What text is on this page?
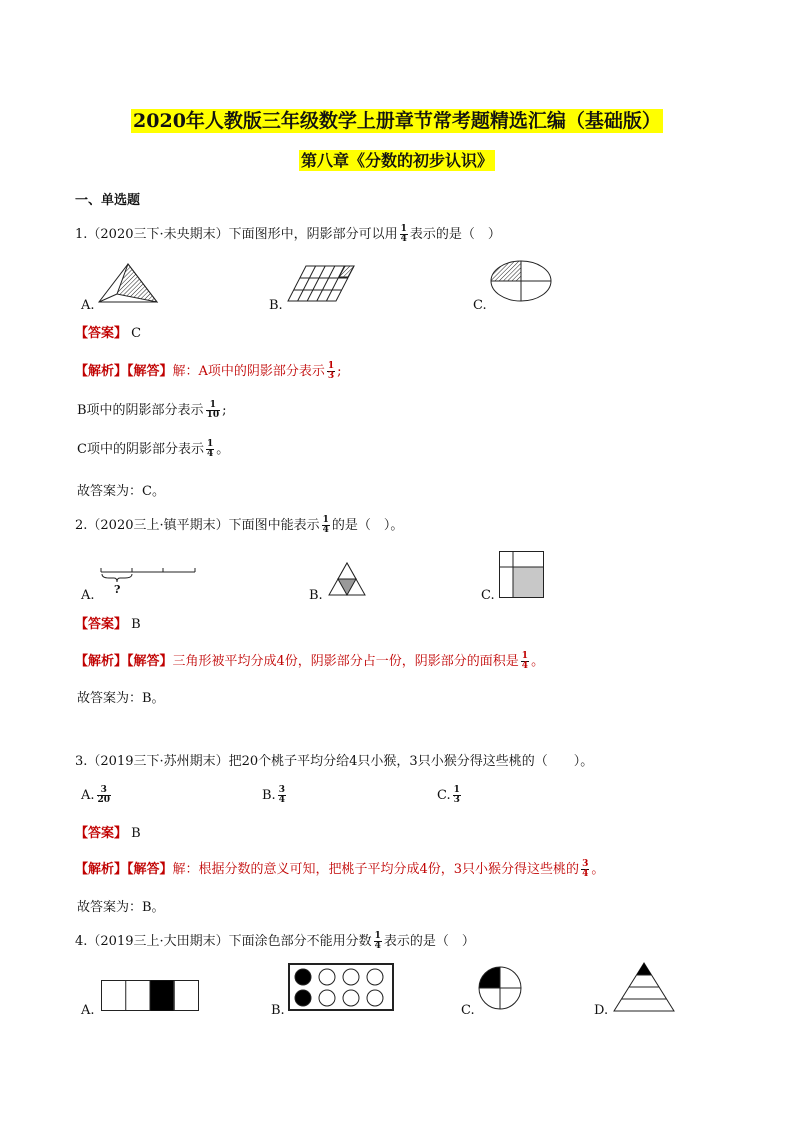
2020年人教版三年级数学上册章节常考题精选汇编（基础版）
第八章《分数的初步认识》
一、单选题
1.（2020三下·未央期末）下面图形中，阴影部分可以用 $\frac{1}{4}$ 表示的是（　）
A.	B.	C.
【答案】 C
【解析】【解答】解：A项中的阴影部分表示 $\frac{1}{3}$ ;
B项中的阴影部分表示 $\frac{1}{10}$ ;
C项中的阴影部分表示 $\frac{1}{4}$ 。
故答案为：C。
2.（2020三上·镇平期末）下面图中能表示 $\frac{1}{4}$ 的是（　）。
A.	B.	C.
?
【答案】 B
【解析】【解答】三角形被平均分成4份，阴影部分占一份，阴影部分的面积是 $\frac{1}{4}$ 。
故答案为：B。
3.（2019三下·苏州期末）把20个桃子平均分给4只小猴，3只小猴分得这些桃的（　　）。
A. $\frac{3}{20}$	B. $\frac{3}{4}$	C. $\frac{1}{3}$
【答案】 B
【解析】【解答】解：根据分数的意义可知，把桃子平均分成4份，3只小猴分得这些桃的 $\frac{3}{4}$ 。
故答案为：B。
4.（2019三上·大田期末）下面涂色部分不能用分数 $\frac{1}{4}$ 表示的是（　）
A.	B.	C.	D.
